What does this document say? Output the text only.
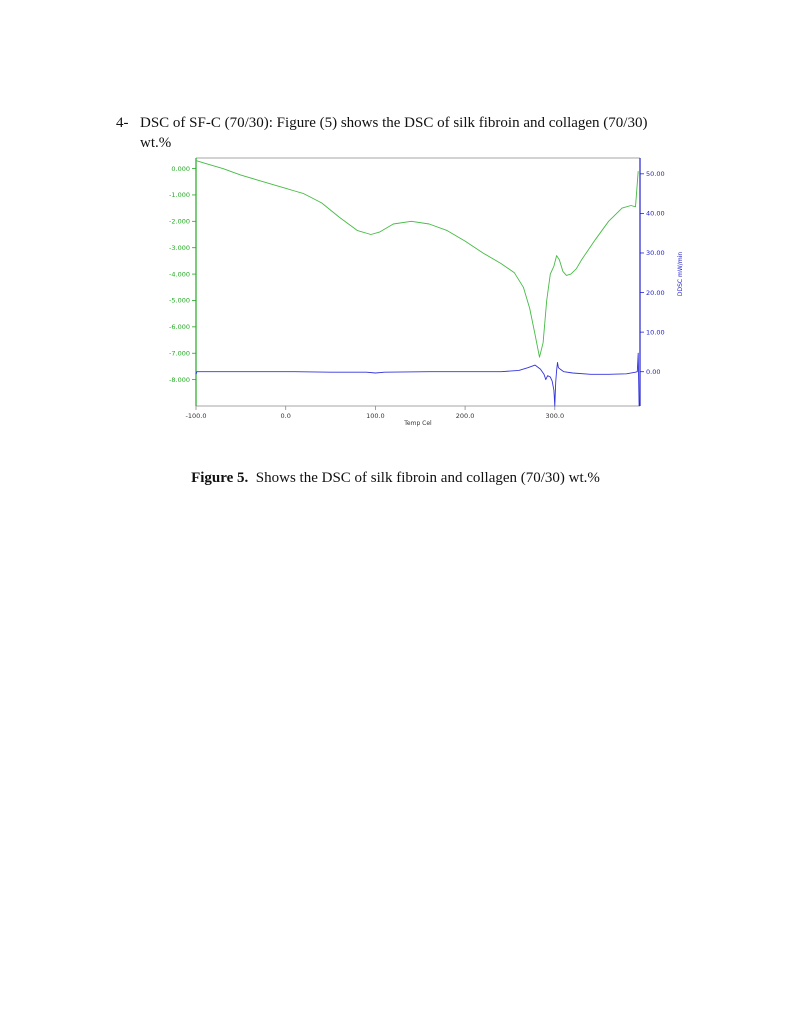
4- DSC of SF-C (70/30): Figure (5) shows the DSC of silk fibroin and collagen (70/30) wt.%
-100.0	0.0	100.0	200.0	300.0
0.000
-1.000
-2.000
-3.000
-4.000
-5.000
-6.000
-7.000
-8.000
50.00
40.00
30.00
20.00
10.00
0.00
Temp Cel
DDSC mW/min
Figure 5. Shows the DSC of silk fibroin and collagen (70/30) wt.%
